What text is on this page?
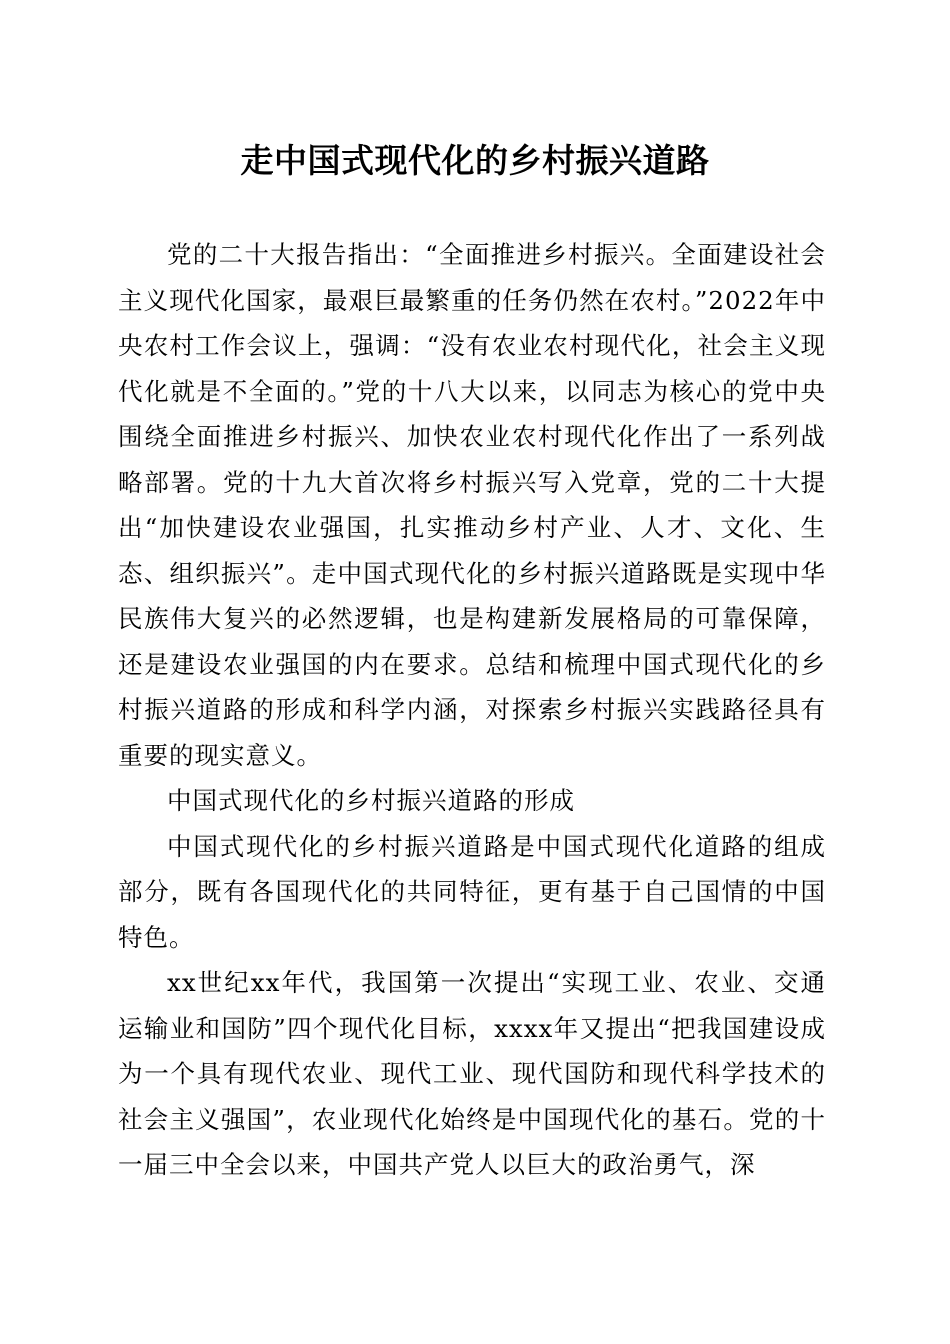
走中国式现代化的乡村振兴道路

党的二十大报告指出：“全面推进乡村振兴。全面建设社会主义现代化国家，最艰巨最繁重的任务仍然在农村。”2022年中央农村工作会议上，强调：“没有农业农村现代化，社会主义现代化就是不全面的。”党的十八大以来，以同志为核心的党中央围绕全面推进乡村振兴、加快农业农村现代化作出了一系列战略部署。党的十九大首次将乡村振兴写入党章，党的二十大提出“加快建设农业强国，扎实推动乡村产业、人才、文化、生态、组织振兴”。走中国式现代化的乡村振兴道路既是实现中华民族伟大复兴的必然逻辑，也是构建新发展格局的可靠保障，还是建设农业强国的内在要求。总结和梳理中国式现代化的乡村振兴道路的形成和科学内涵，对探索乡村振兴实践路径具有重要的现实意义。

中国式现代化的乡村振兴道路的形成

中国式现代化的乡村振兴道路是中国式现代化道路的组成部分，既有各国现代化的共同特征，更有基于自己国情的中国特色。

xx世纪xx年代，我国第一次提出“实现工业、农业、交通运输业和国防”四个现代化目标，xxxx年又提出“把我国建设成为一个具有现代农业、现代工业、现代国防和现代科学技术的社会主义强国”，农业现代化始终是中国现代化的基石。党的十一届三中全会以来，中国共产党人以巨大的政治勇气，深
